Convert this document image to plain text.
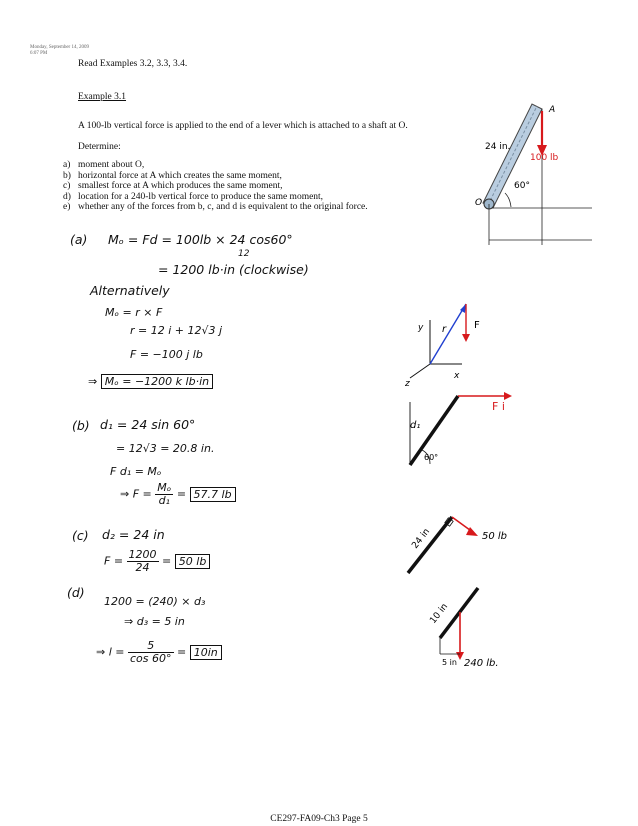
Monday, September 14, 2009
6:07 PM
Read Examples 3.2, 3.3, 3.4.
Example 3.1
A 100-lb vertical force is applied to the end of a lever which is attached to a shaft at O.
Determine:
a) moment about O,
b) horizontal force at A which creates the same moment,
c) smallest force at A which produces the same moment,
d) location for a 240-lb vertical force to produce the same moment,
e) whether any of the forces from b, c, and d is equivalent to the original force.
A
O
24 in.
100 lb
60°
(a) Mₒ = Fd = 100lb × 24 cos60°
12
= 1200 lb·in (clockwise)
Alternatively
Mₒ = r × F
r = 12 i + 12√3 j
F = −100 j lb
⇒ Mₒ = −1200 k lb·in
r	F
y
x
z
(b) d₁ = 24 sin 60°
= 12√3 = 20.8 in.
F d₁ = Mₒ
⇒ $F = \frac{\text{Mₒ}}{\text{d₁}} = 57.7$ lb
d₁
F i
60°
(c) d₂ = 24 in
$F = \frac{1200}{24} = 50$ lb
24 in	50 lb
(d)
1200 = (240) × d₃
⇒ d₃ = 5 in
⇒ $l = \frac{5}{\cos 60^\circ} = 10in$
10 in
5 in 240 lb.
CE297-FA09-Ch3 Page 5
